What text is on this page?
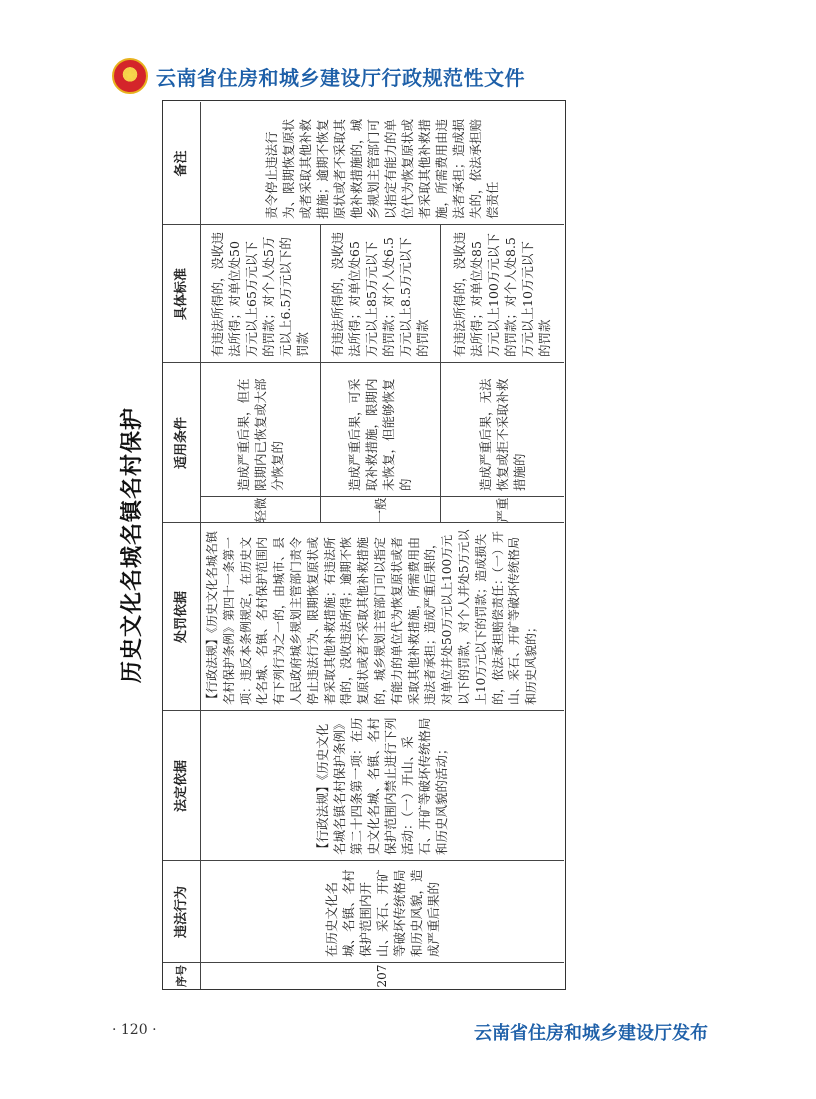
★ 云南省住房和城乡建设厅行政规范性文件
历史文化名城名镇名村保护
序号
违法行为
法定依据
处罚依据
适用条件
具体标准
备注
207
在历史文化名城、名镇、名村保护范围内开山、采石、开矿等破坏传统格局和历史风貌，造成严重后果的
【行政法规】《历史文化名城名镇名村保护条例》第二十四条第一项：在历史文化名城、名镇、名村保护范围内禁止进行下列活动：（一）开山、采石、开矿等破坏传统格局和历史风貌的活动；
【行政法规】《历史文化名城名镇名村保护条例》第四十一条第一项：违反本条例规定，在历史文化名城、名镇、名村保护范围内有下列行为之一的，由城市、县人民政府城乡规划主管部门责令停止违法行为、限期恢复原状或者采取其他补救措施；有违法所得的，没收违法所得；逾期不恢复原状或者不采取其他补救措施的，城乡规划主管部门可以指定有能力的单位代为恢复原状或者采取其他补救措施，所需费用由违法者承担；造成严重后果的，对单位并处50万元以上100万元以下的罚款，对个人并处5万元以上10万元以下的罚款；造成损失的，依法承担赔偿责任：（一）开山、采石、开矿等破坏传统格局和历史风貌的；
轻微
造成严重后果，但在限期内已恢复或大部分恢复的
有违法所得的，没收违法所得；对单位处50万元以上65万元以下的罚款；对个人处5万元以上6.5万元以下的罚款
一般
造成严重后果，可采取补救措施，限期内未恢复，但能够恢复的
有违法所得的，没收违法所得；对单位处65万元以上85万元以下的罚款；对个人处6.5万元以上8.5万元以下的罚款
严重
造成严重后果，无法恢复或拒不采取补救措施的
有违法所得的，没收违法所得；对单位处85万元以上100万元以下的罚款；对个人处8.5万元以上10万元以下的罚款
责令停止违法行为、限期恢复原状或者采取其他补救措施；逾期不恢复原状或者不采取其他补救措施的，城乡规划主管部门可以指定有能力的单位代为恢复原状或者采取其他补救措施，所需费用由违法者承担；造成损失的，依法承担赔偿责任
· 120 ·	云南省住房和城乡建设厅发布
